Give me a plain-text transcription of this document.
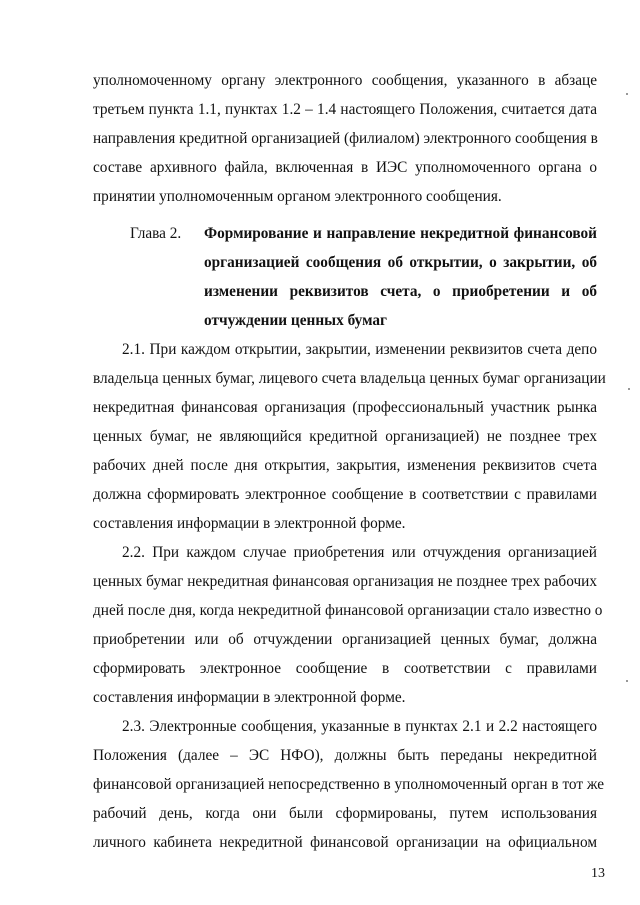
уполномоченному органу электронного сообщения, указанного в абзаце
третьем пункта 1.1, пунктах 1.2 – 1.4 настоящего Положения, считается дата
направления кредитной организацией (филиалом) электронного сообщения в
составе архивного файла, включенная в ИЭС уполномоченного органа о
принятии уполномоченным органом электронного сообщения.
Глава 2.	Формирование и направление некредитной финансовой
организацией сообщения об открытии, о закрытии, об
изменении реквизитов счета, о приобретении и об
отчуждении ценных бумаг
2.1. При каждом открытии, закрытии, изменении реквизитов счета депо
владельца ценных бумаг, лицевого счета владельца ценных бумаг организации
некредитная финансовая организация (профессиональный участник рынка
ценных бумаг, не являющийся кредитной организацией) не позднее трех
рабочих дней после дня открытия, закрытия, изменения реквизитов счета
должна сформировать электронное сообщение в соответствии с правилами
составления информации в электронной форме.
2.2. При каждом случае приобретения или отчуждения организацией
ценных бумаг некредитная финансовая организация не позднее трех рабочих
дней после дня, когда некредитной финансовой организации стало известно о
приобретении или об отчуждении организацией ценных бумаг, должна
сформировать электронное сообщение в соответствии с правилами
составления информации в электронной форме.
2.3. Электронные сообщения, указанные в пунктах 2.1 и 2.2 настоящего
Положения (далее – ЭС НФО), должны быть переданы некредитной
финансовой организацией непосредственно в уполномоченный орган в тот же
рабочий день, когда они были сформированы, путем использования
личного кабинета некредитной финансовой организации на официальном
13
